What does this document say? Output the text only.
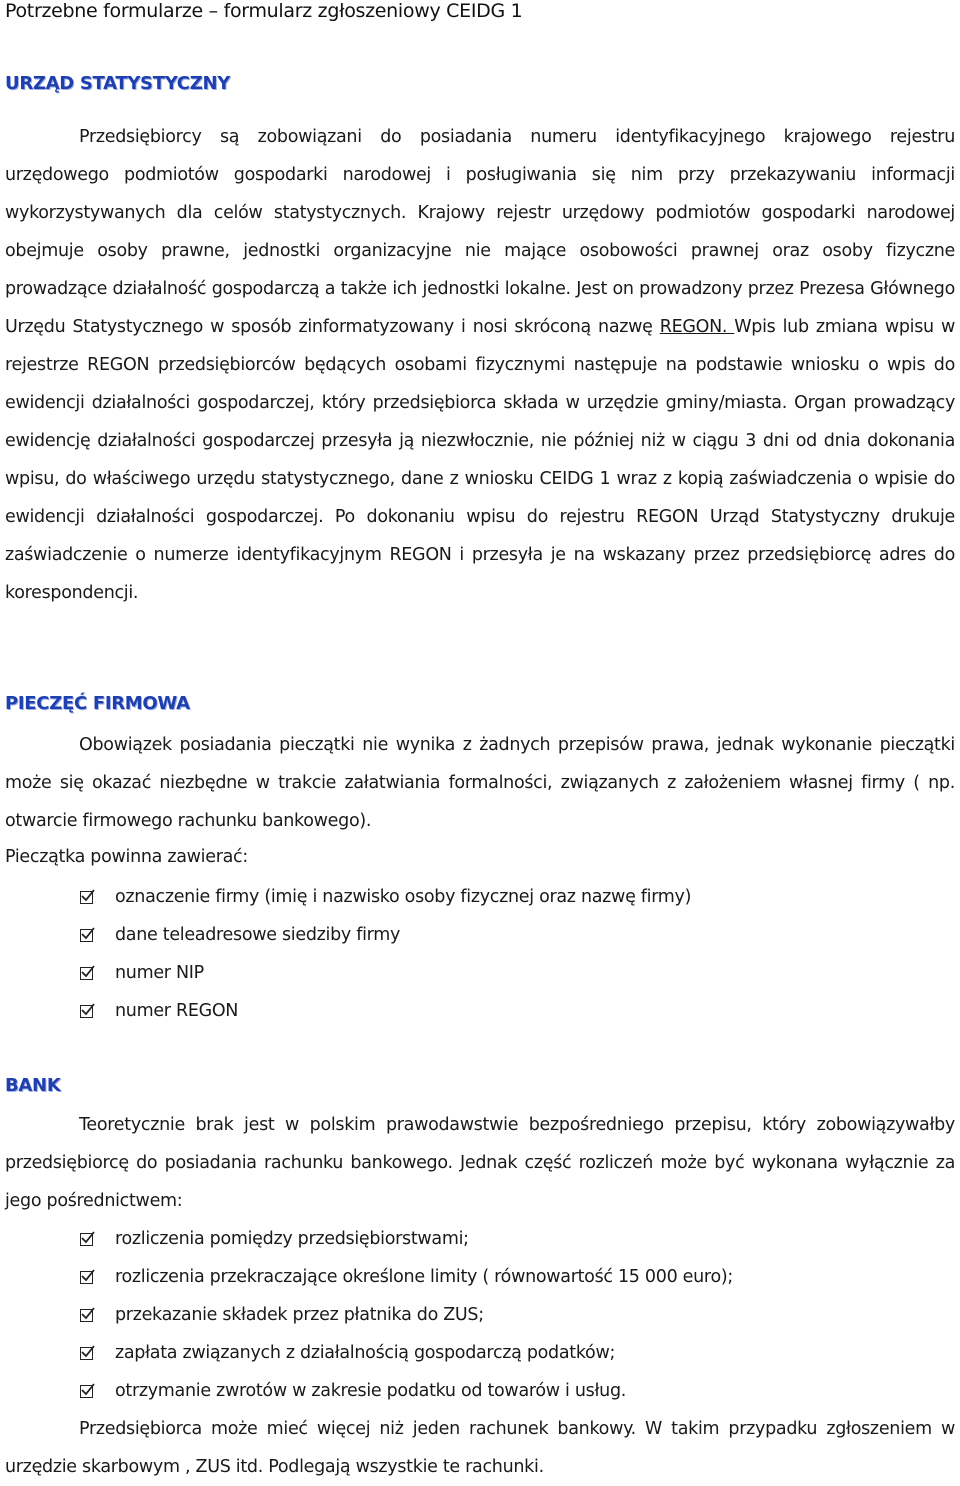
Potrzebne formularze – formularz zgłoszeniowy CEIDG 1
URZĄD STATYSTYCZNY
Przedsiębiorcy są zobowiązani do posiadania numeru identyfikacyjnego krajowego rejestru urzędowego podmiotów gospodarki narodowej i posługiwania się nim przy przekazywaniu informacji wykorzystywanych dla celów statystycznych. Krajowy rejestr urzędowy podmiotów gospodarki narodowej obejmuje osoby prawne, jednostki organizacyjne nie mające osobowości prawnej oraz osoby fizyczne prowadzące działalność gospodarczą a także ich jednostki lokalne. Jest on prowadzony przez Prezesa Głównego Urzędu Statystycznego w sposób zinformatyzowany i nosi skróconą nazwę REGON. Wpis lub zmiana wpisu w rejestrze REGON przedsiębiorców będących osobami fizycznymi następuje na podstawie wniosku o wpis do ewidencji działalności gospodarczej, który przedsiębiorca składa w urzędzie gminy/miasta. Organ prowadzący ewidencję działalności gospodarczej przesyła ją niezwłocznie, nie później niż w ciągu 3 dni od dnia dokonania wpisu, do właściwego urzędu statystycznego, dane z wniosku CEIDG 1 wraz z kopią zaświadczenia o wpisie do ewidencji działalności gospodarczej. Po dokonaniu wpisu do rejestru REGON Urząd Statystyczny drukuje zaświadczenie o numerze identyfikacyjnym REGON i przesyła je na wskazany przez przedsiębiorcę adres do korespondencji.
PIECZĘĆ FIRMOWA
Obowiązek posiadania pieczątki nie wynika z żadnych przepisów prawa, jednak wykonanie pieczątki może się okazać niezbędne w trakcie załatwiania formalności, związanych z założeniem własnej firmy ( np. otwarcie firmowego rachunku bankowego).
Pieczątka powinna zawierać:
oznaczenie firmy (imię i nazwisko osoby fizycznej oraz nazwę firmy)
dane teleadresowe siedziby firmy
numer NIP
numer REGON
BANK
Teoretycznie brak jest w polskim prawodawstwie bezpośredniego przepisu, który zobowiązywałby przedsiębiorcę do posiadania rachunku bankowego. Jednak część rozliczeń może być wykonana wyłącznie za jego pośrednictwem:
rozliczenia pomiędzy przedsiębiorstwami;
rozliczenia przekraczające określone limity ( równowartość 15 000 euro);
przekazanie składek przez płatnika do ZUS;
zapłata związanych z działalnością gospodarczą podatków;
otrzymanie zwrotów w zakresie podatku od towarów i usług.
Przedsiębiorca może mieć więcej niż jeden rachunek bankowy. W takim przypadku zgłoszeniem w urzędzie skarbowym , ZUS itd. Podlegają wszystkie te rachunki.
